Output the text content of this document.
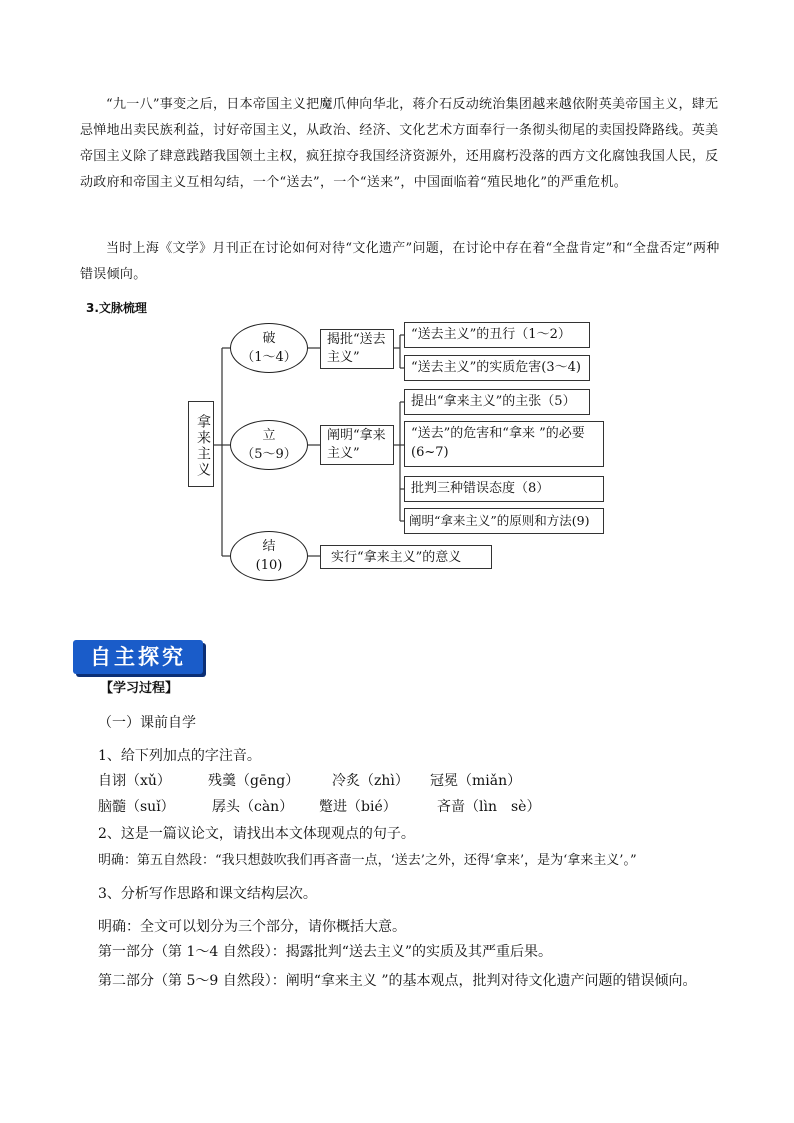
“九一八”事变之后，日本帝国主义把魔爪伸向华北，蒋介石反动统治集团越来越依附英美帝国主义，肆无忌惮地出卖民族利益，讨好帝国主义，从政治、经济、文化艺术方面奉行一条彻头彻尾的卖国投降路线。英美帝国主义除了肆意践踏我国领土主权，疯狂掠夺我国经济资源外，还用腐朽没落的西方文化腐蚀我国人民，反动政府和帝国主义互相勾结，一个“送去”，一个“送来”，中国面临着“殖民地化”的严重危机。
当时上海《文学》月刊正在讨论如何对待“文化遗产”问题，在讨论中存在着“全盘肯定”和“全盘否定”两种错误倾向。
3.文脉梳理
拿来主义
破
（1～4）
立
（5～9）
结
(10)
揭批“送去主义”
阐明“拿来主义”
实行“拿来主义”的意义
“送去主义”的丑行（1～2）
“送去主义”的实质危害(3～4)
提出“拿来主义”的主张（5）
“送去”的危害和“拿来 ”的必要(6~7)
批判三种错误态度（8）
阐明“拿来主义”的原则和方法(9)
自主探究
【学习过程】
（一）课前自学
1、给下列加点的字注音。
自诩（xǔ）	残羹（gēng） 冷炙（zhì） 冠冕（miǎn）
脑髓（suǐ）	孱头（càn） 蹩进（bié）	吝啬（lìn　sè）
2、这是一篇议论文，请找出本文体现观点的句子。
明确：第五自然段：“我只想鼓吹我们再吝啬一点，‘送去’之外，还得‘拿来’，是为‘拿来主义’。”
3、分析写作思路和课文结构层次。
明确：全文可以划分为三个部分，请你概括大意。
第一部分（第 1～4 自然段）：揭露批判“送去主义”的实质及其严重后果。
第二部分（第 5～9 自然段）：阐明“拿来主义 ”的基本观点，批判对待文化遗产问题的错误倾向。
